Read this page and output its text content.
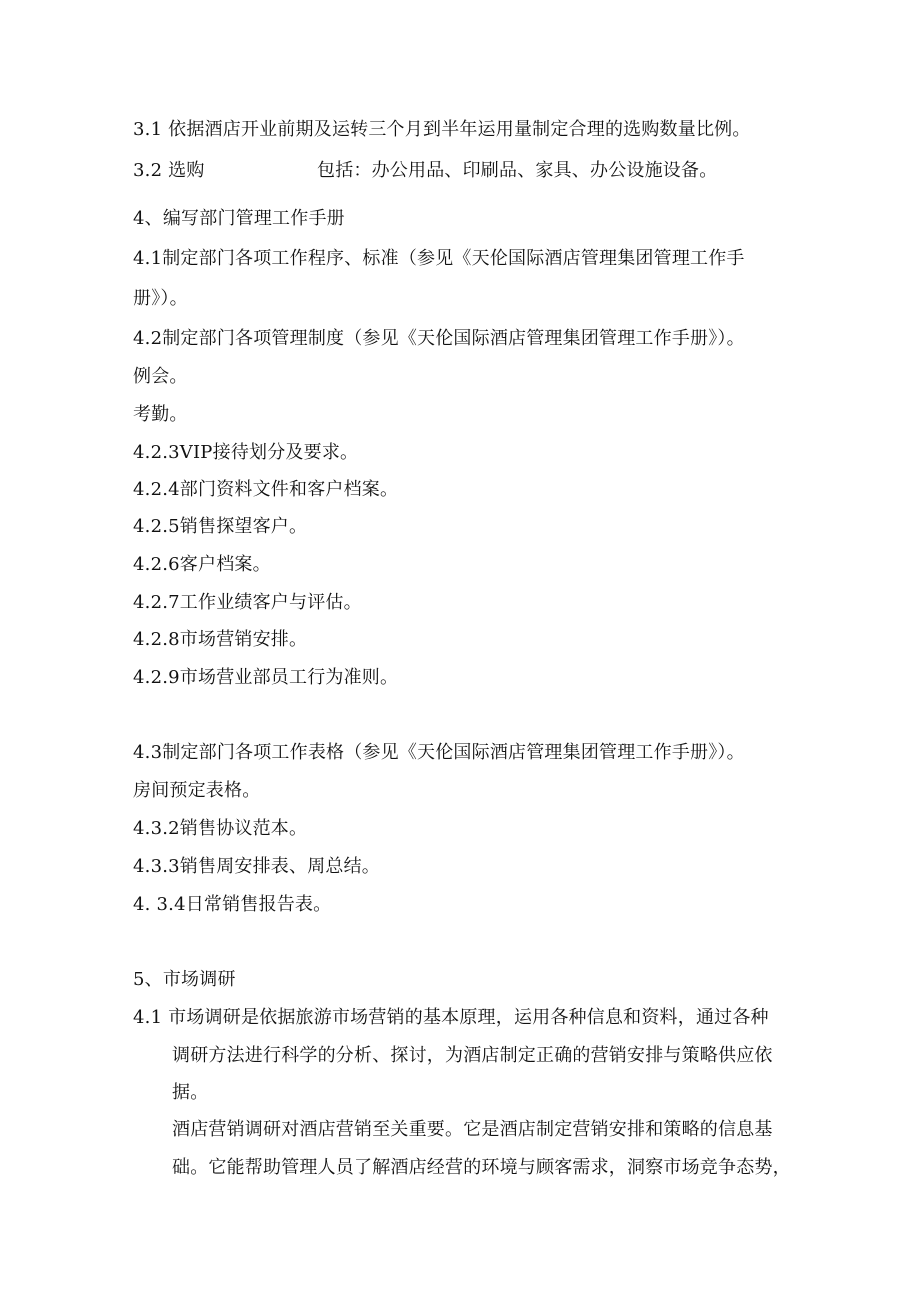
3.1 依据酒店开业前期及运转三个月到半年运用量制定合理的选购数量比例。
3.2 选购	包括：办公用品、印刷品、家具、办公设施设备。
4、编写部门管理工作手册
4.1制定部门各项工作程序、标准（参见《天伦国际酒店管理集团管理工作手
册》）。
4.2制定部门各项管理制度（参见《天伦国际酒店管理集团管理工作手册》）。
例会。
考勤。
4.2.3VIP接待划分及要求。
4.2.4部门资料文件和客户档案。
4.2.5销售探望客户。
4.2.6客户档案。
4.2.7工作业绩客户与评估。
4.2.8市场营销安排。
4.2.9市场营业部员工行为准则。
4.3制定部门各项工作表格（参见《天伦国际酒店管理集团管理工作手册》）。
房间预定表格。
4.3.2销售协议范本。
4.3.3销售周安排表、周总结。
4. 3.4日常销售报告表。
5、市场调研
4.1 市场调研是依据旅游市场营销的基本原理，运用各种信息和资料，通过各种
调研方法进行科学的分析、探讨，为酒店制定正确的营销安排与策略供应依
据。
酒店营销调研对酒店营销至关重要。它是酒店制定营销安排和策略的信息基
础。它能帮助管理人员了解酒店经营的环境与顾客需求，洞察市场竞争态势，
